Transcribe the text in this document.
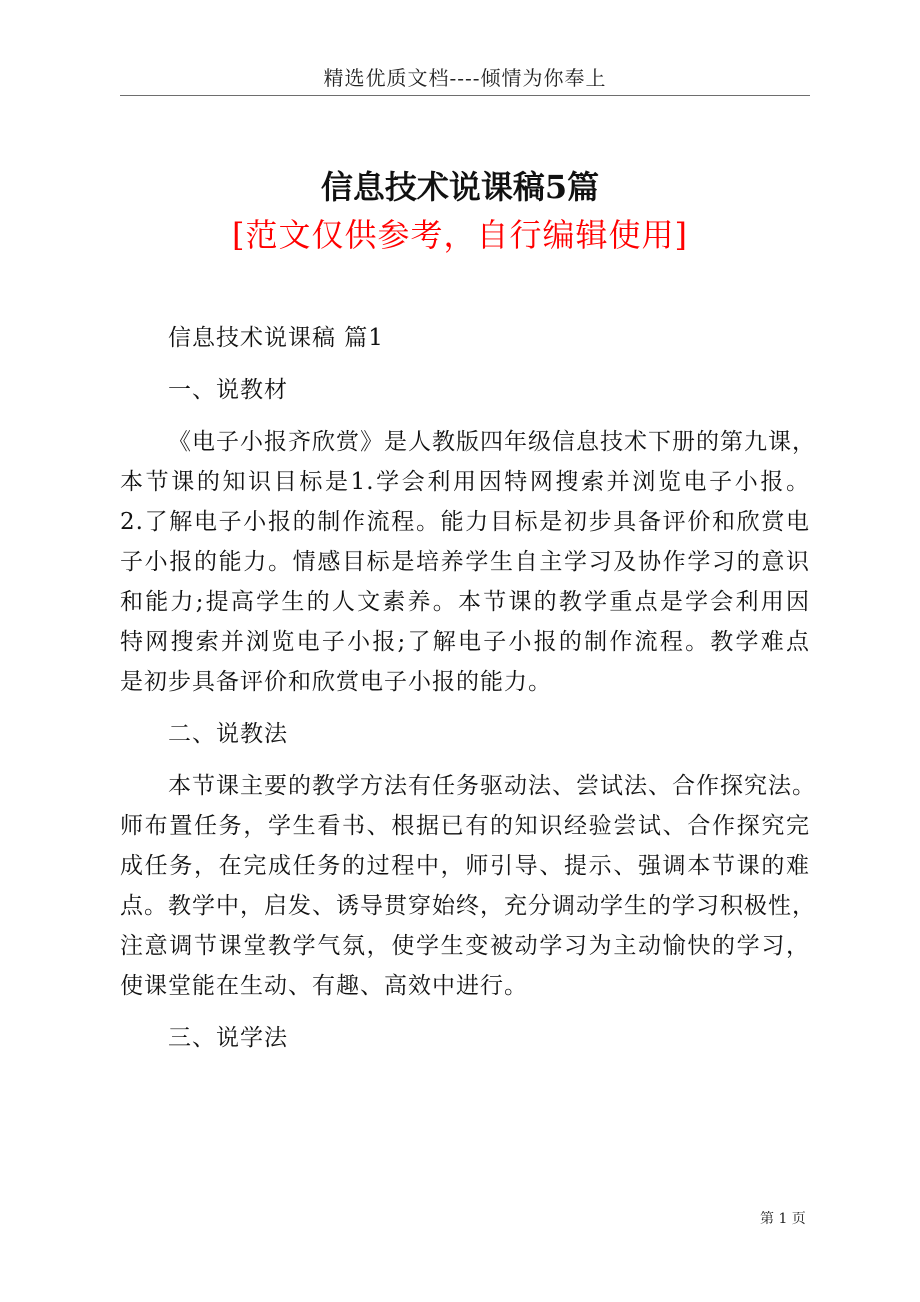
精选优质文档----倾情为你奉上
信息技术说课稿5篇
[范文仅供参考，自行编辑使用]
信息技术说课稿 篇1
一、说教材
《电子小报齐欣赏》是人教版四年级信息技术下册的第九课，
本节课的知识目标是1.学会利用因特网搜索并浏览电子小报。
2.了解电子小报的制作流程。能力目标是初步具备评价和欣赏电
子小报的能力。情感目标是培养学生自主学习及协作学习的意识
和能力;提高学生的人文素养。本节课的教学重点是学会利用因
特网搜索并浏览电子小报;了解电子小报的制作流程。教学难点
是初步具备评价和欣赏电子小报的能力。
二、说教法
本节课主要的教学方法有任务驱动法、尝试法、合作探究法。
师布置任务，学生看书、根据已有的知识经验尝试、合作探究完
成任务，在完成任务的过程中，师引导、提示、强调本节课的难
点。教学中，启发、诱导贯穿始终，充分调动学生的学习积极性，
注意调节课堂教学气氛，使学生变被动学习为主动愉快的学习，
使课堂能在生动、有趣、高效中进行。
三、说学法
第 1 页
